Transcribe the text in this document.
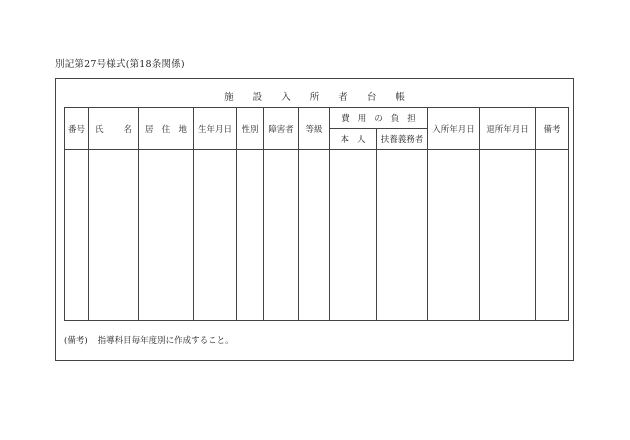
別記第27号様式(第18条関係)
施 設 入 所 者 台 帳
番号	氏 名	居 住 地	生年月日	性別	障害者	等級	費 用 の 負 担		入所年月日	退所年月日	備考
							本 人	扶養義務者			

(備考) 指導科目毎年度別に作成すること。
